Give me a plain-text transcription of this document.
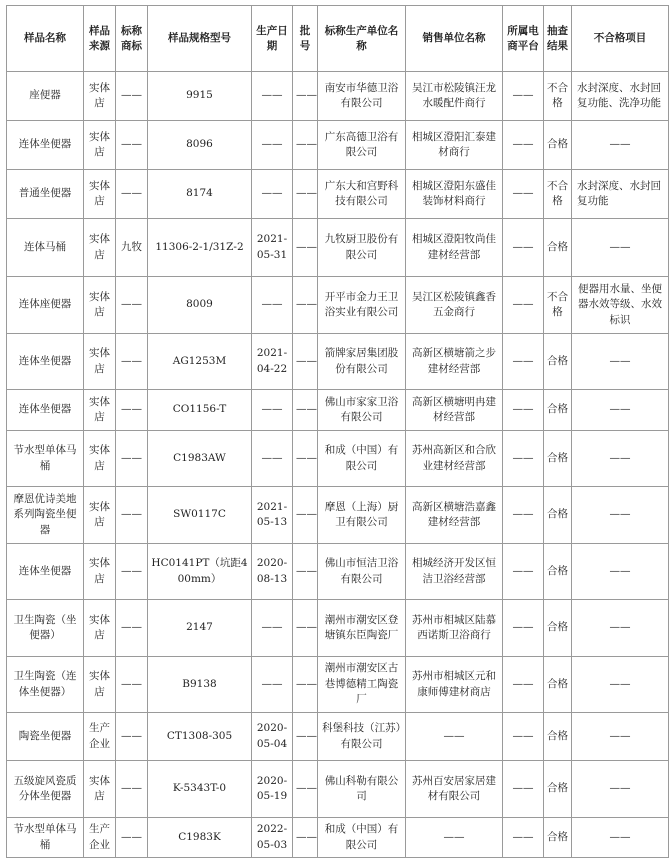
样品名称	样品来源	标称商标	样品规格型号	生产日期	批号	标称生产单位名称	销售单位名称	所属电商平台	抽查结果	不合格项目
座便器	实体店	——	9915	——	——	南安市华德卫浴有限公司	吴江市松陵镇汪龙水暖配件商行	——	不合格	水封深度、水封回复功能、洗净功能
连体坐便器	实体店	——	8096	——	——	广东高德卫浴有限公司	相城区澄阳汇泰建材商行	——	合格	——
普通坐便器	实体店	——	8174	——	——	广东大和宫野科技有限公司	相城区澄阳东盛佳装饰材料商行	——	不合格	水封深度、水封回复功能
连体马桶	实体店	九牧	11306-2-1/31Z-2	2021-05-31	——	九牧厨卫股份有限公司	相城区澄阳牧尚佳建材经营部	——	合格	——
连体座便器	实体店	——	8009	——	——	开平市金力王卫浴实业有限公司	吴江区松陵镇鑫香五金商行	——	不合格	便器用水量、坐便器水效等级、水效标识
连体坐便器	实体店	——	AG1253M	2021-04-22	——	箭牌家居集团股份有限公司	高新区横塘箭之步建材经营部	——	合格	——
连体坐便器	实体店	——	CO1156-T	——	——	佛山市家家卫浴有限公司	高新区横塘明冉建材经营部	——	合格	——
节水型单体马桶	实体店	——	C1983AW	——	——	和成（中国）有限公司	苏州高新区和合欣业建材经营部	——	合格	——
摩恩优诗美地系列陶瓷坐便器	实体店	——	SW0117C	2021-05-13	——	摩恩（上海）厨卫有限公司	高新区横塘浩嘉鑫建材经营部	——	合格	——
连体坐便器	实体店	——	HC0141PT（坑距400mm）	2020-08-13	——	佛山市恒洁卫浴有限公司	相城经济开发区恒洁卫浴经营部	——	合格	——
卫生陶瓷（坐便器）	实体店	——	2147	——	——	潮州市潮安区登塘镇东臣陶瓷厂	苏州市相城区陆慕西诺斯卫浴商行	——	合格	——
卫生陶瓷（连体坐便器）	实体店	——	B9138	——	——	潮州市潮安区古巷博德精工陶瓷厂	苏州市相城区元和康师傅建材商店	——	合格	——
陶瓷坐便器	生产企业	——	CT1308-305	2020-05-04	——	科堡科技（江苏）有限公司	——	——	合格	——
五级旋风瓷质分体坐便器	实体店	——	K-5343T-0	2020-05-19	——	佛山科勒有限公司	苏州百安居家居建材有限公司	——	合格	——
节水型单体马桶	生产企业	——	C1983K	2022-05-03	——	和成（中国）有限公司	——	——	合格	——
